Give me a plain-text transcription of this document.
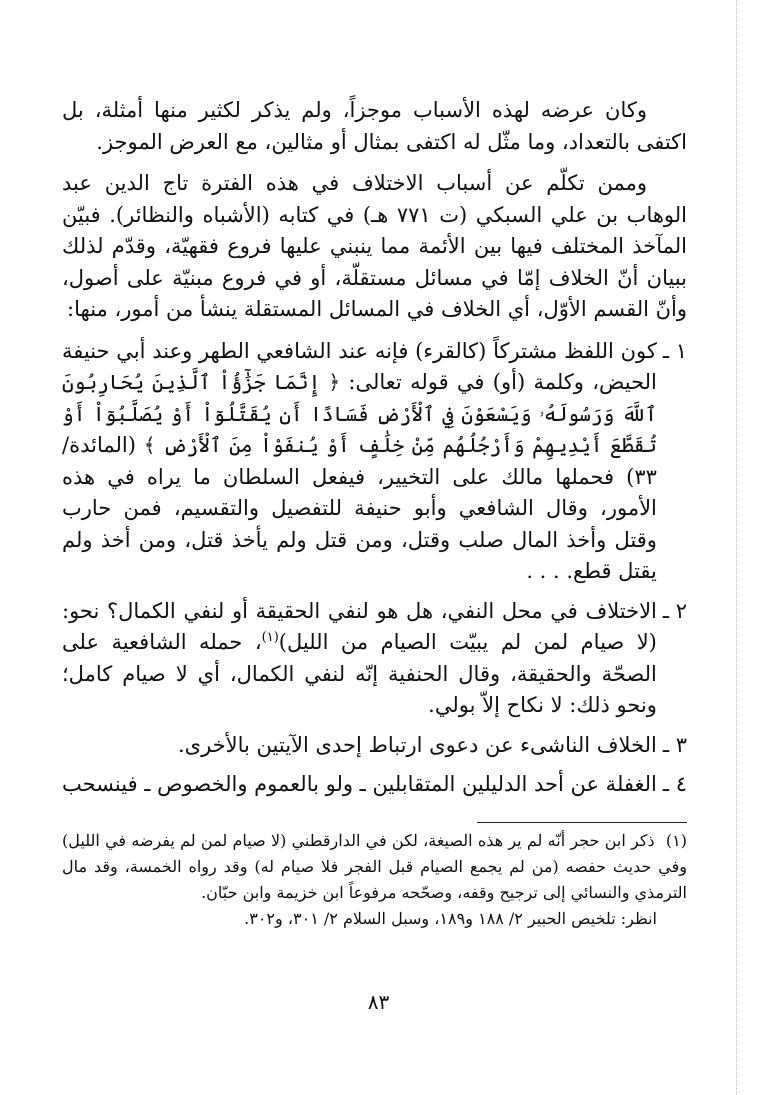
وكان عرضه لهذه الأسباب موجزاً، ولم يذكر لكثير منها أمثلة، بل اكتفى بالتعداد، وما مثّل له اكتفى بمثال أو مثالين، مع العرض الموجز.

وممن تكلّم عن أسباب الاختلاف في هذه الفترة تاج الدين عبد الوهاب بن علي السبكي (ت ٧٧١ هـ) في كتابه (الأشباه والنظائر). فبيّن المآخذ المختلف فيها بين الأئمة مما ينبني عليها فروع فقهيّة، وقدّم لذلك ببيان أنّ الخلاف إمّا في مسائل مستقلّة، أو في فروع مبنيّة على أصول، وأنّ القسم الأوّل، أي الخلاف في المسائل المستقلة ينشأ من أمور، منها:

١ ـ
كون اللفظ مشتركاً (كالقرء) فإنه عند الشافعي الطهر وعند أبي حنيفة الحيض، وكلمة (أو) في قوله تعالى: ﴿ إِنَّمَا جَزَٰٓؤُاْ ٱلَّذِينَ يُحَارِبُونَ ٱللَّهَ وَرَسُولَهُۥ وَيَسْعَوْنَ فِي ٱلْأَرْضِ فَسَادًا أَن يُقَتَّلُوٓاْ أَوْ يُصَلَّبُوٓاْ أَوْ تُقَطَّعَ أَيْدِيهِمْ وَأَرْجُلُهُم مِّنْ خِلَٰفٍ أَوْ يُنفَوْاْ مِنَ ٱلْأَرْضِ ﴾ (المائدة/ ٣٣) فحملها مالك على التخيير، فيفعل السلطان ما يراه في هذه الأمور، وقال الشافعي وأبو حنيفة للتفصيل والتقسيم، فمن حارب وقتل وأخذ المال صلب وقتل، ومن قتل ولم يأخذ قتل، ومن أخذ ولم يقتل قطع. . . .
٢ ـ
الاختلاف في محل النفي، هل هو لنفي الحقيقة أو لنفي الكمال؟ نحو: (لا صيام لمن لم يبيّت الصيام من الليل)$^{(١)}$، حمله الشافعية على الصحّة والحقيقة، وقال الحنفية إنّه لنفي الكمال، أي لا صيام كامل؛ ونحو ذلك: لا نكاح إلاّ بولي.
٣ ـ
الخلاف الناشىء عن دعوى ارتباط إحدى الآيتين بالأخرى.
٤ ـ
الغفلة عن أحد الدليلين المتقابلين ـ ولو بالعموم والخصوص ـ فينسحب

(١) ذكر ابن حجر أنّه لم ير هذه الصيغة، لكن في الدارقطني (لا صيام لمن لم يفرضه في الليل) وفي حديث حفصه (من لم يجمع الصيام قبل الفجر فلا صيام له) وقد رواه الخمسة، وقد مال الترمذي والنسائي إلى ترجيح وقفه، وصحّحه مرفوعاً ابن خزيمة وابن حبّان.

انظر: تلخيص الحبير ٢/ ١٨٨ و١٨٩، وسبل السلام ٢/ ٣٠١، و٣٠٢.

٨٣
